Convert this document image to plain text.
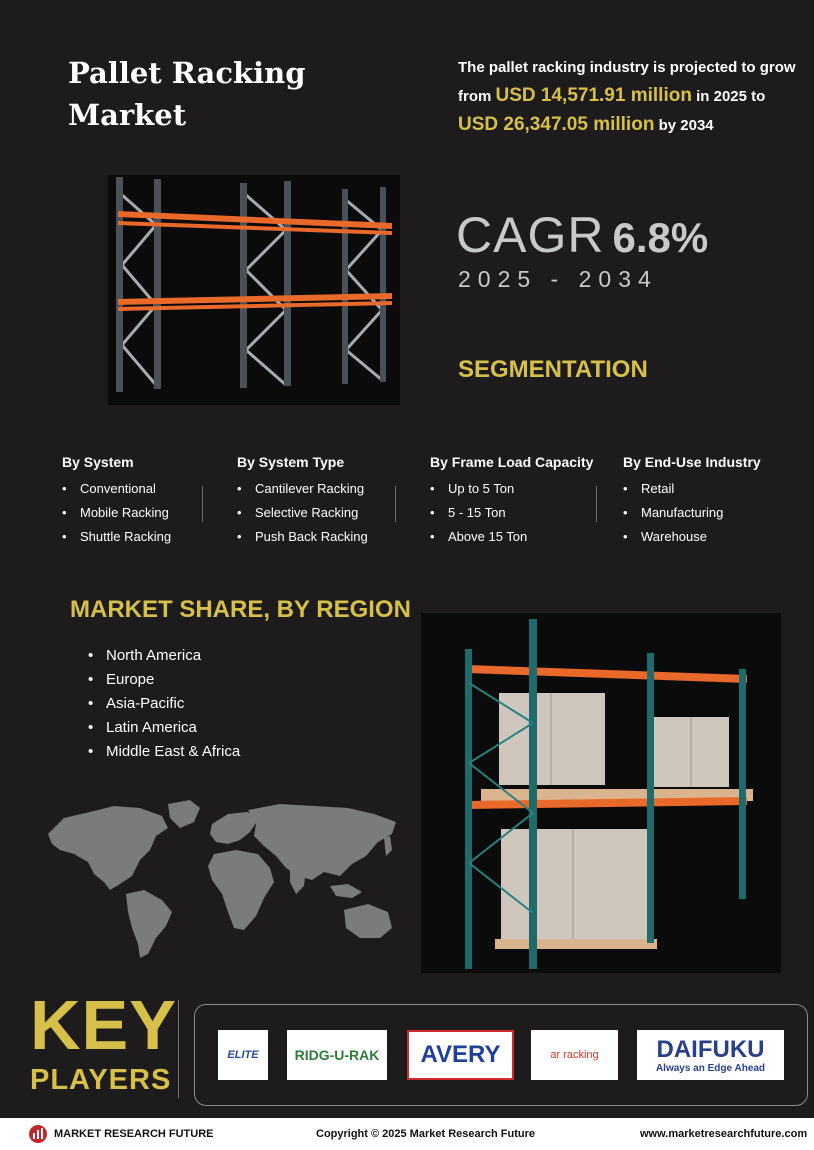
Pallet Racking Market
The pallet racking industry is projected to grow from USD 14,571.91 million in 2025 to USD 26,347.05 million by 2034
CAGR 6.8%
2025 - 2034
SEGMENTATION
By System
• Conventional
• Mobile Racking
• Shuttle Racking
By System Type
• Cantilever Racking
• Selective Racking
• Push Back Racking
By Frame Load Capacity
• Up to 5 Ton
• 5 - 15 Ton
• Above 15 Ton
By End-Use Industry
• Retail
• Manufacturing
• Warehouse
MARKET SHARE, BY REGION
• North America
• Europe
• Asia-Pacific
• Latin America
• Middle East & Africa
KEY
PLAYERS
ELITE	RIDG-U-RAK AVERY	ar racking DAIFUKU
Always an Edge Ahead
MARKET RESEARCH FUTURE	Copyright © 2025 Market Research Future	www.marketresearchfuture.com
